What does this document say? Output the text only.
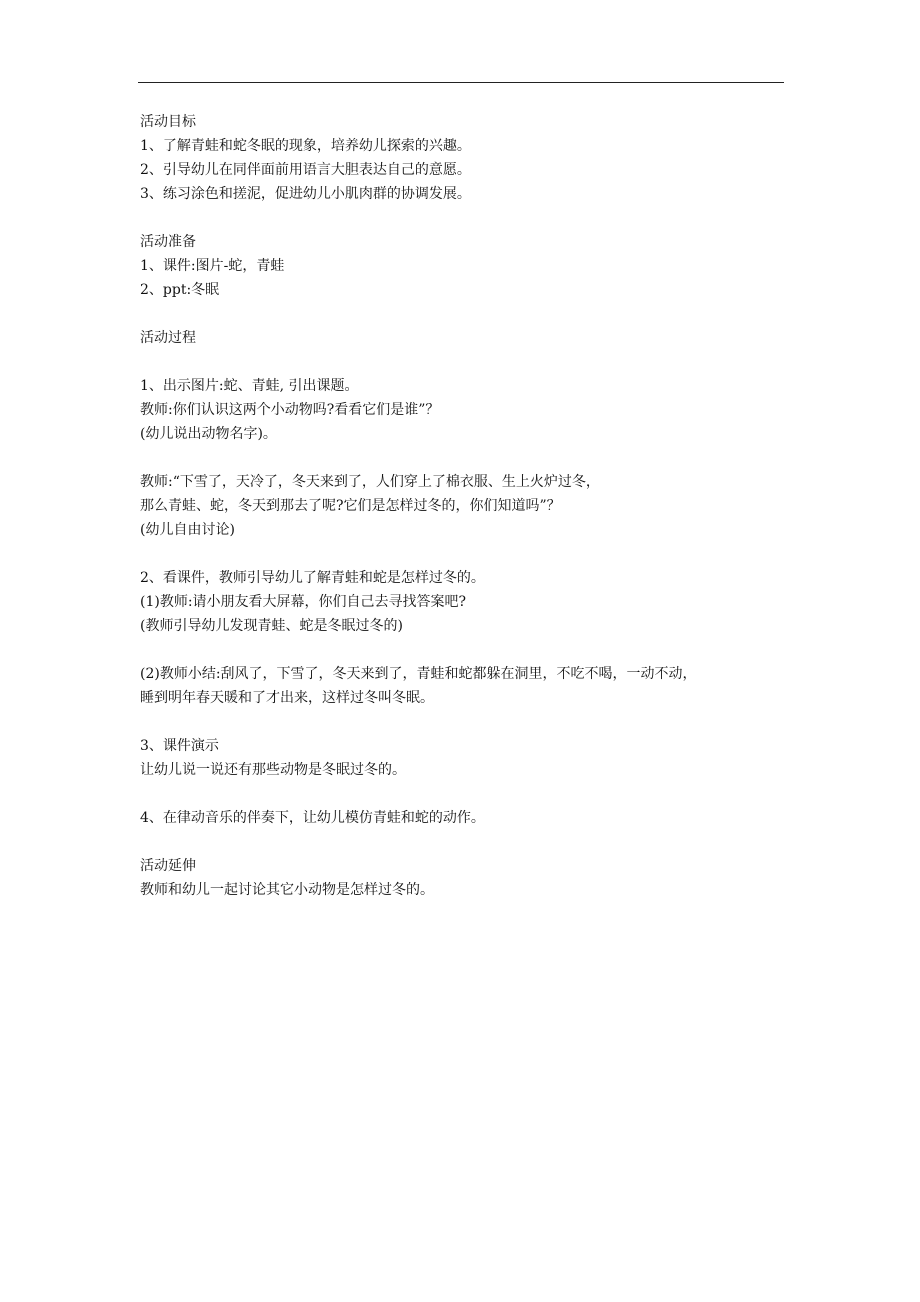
活动目标

1、了解青蛙和蛇冬眠的现象，培养幼儿探索的兴趣。

2、引导幼儿在同伴面前用语言大胆表达自己的意愿。

3、练习涂色和搓泥，促进幼儿小肌肉群的协调发展。

活动准备

1、课件:图片-蛇，青蛙

2、ppt:冬眠

活动过程

1、出示图片:蛇、青蛙, 引出课题。

教师:你们认识这两个小动物吗?看看它们是谁”？

(幼儿说出动物名字)。

教师:“下雪了，天冷了，冬天来到了，人们穿上了棉衣服、生上火炉过冬，

那么青蛙、蛇，冬天到那去了呢?它们是怎样过冬的，你们知道吗”？

(幼儿自由讨论)

2、看课件，教师引导幼儿了解青蛙和蛇是怎样过冬的。

(1)教师:请小朋友看大屏幕，你们自己去寻找答案吧?

(教师引导幼儿发现青蛙、蛇是冬眠过冬的)

(2)教师小结:刮风了，下雪了，冬天来到了，青蛙和蛇都躲在洞里，不吃不喝，一动不动，

睡到明年春天暖和了才出来，这样过冬叫冬眠。

3、课件演示

让幼儿说一说还有那些动物是冬眠过冬的。

4、在律动音乐的伴奏下，让幼儿模仿青蛙和蛇的动作。

活动延伸

教师和幼儿一起讨论其它小动物是怎样过冬的。
